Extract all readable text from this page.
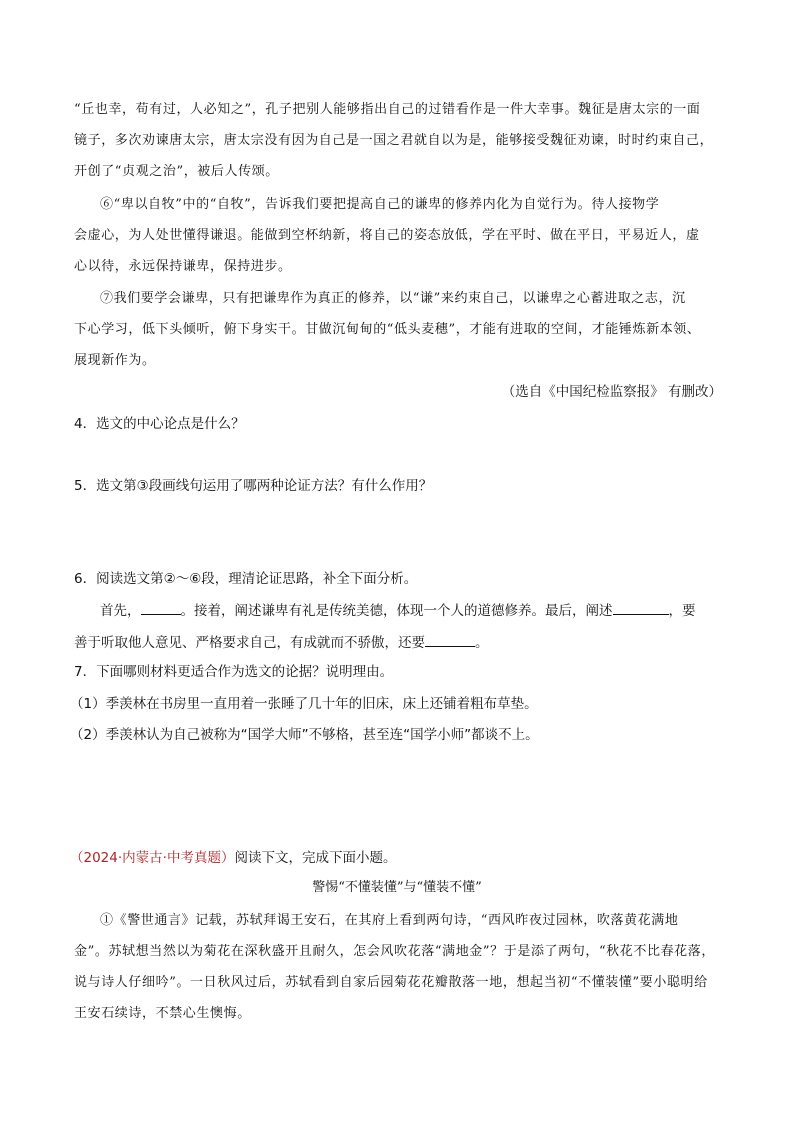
“丘也幸，苟有过，人必知之”，孔子把别人能够指出自己的过错看作是一件大幸事。魏征是唐太宗的一面

镜子，多次劝谏唐太宗，唐太宗没有因为自己是一国之君就自以为是，能够接受魏征劝谏，时时约束自己，

开创了“贞观之治”，被后人传颂。

⑥“卑以自牧”中的“自牧”，告诉我们要把提高自己的谦卑的修养内化为自觉行为。待人接物学

会虚心，为人处世懂得谦退。能做到空杯纳新，将自己的姿态放低，学在平时、做在平日，平易近人，虚

心以待，永远保持谦卑，保持进步。

⑦我们要学会谦卑，只有把谦卑作为真正的修养，以“谦”来约束自己，以谦卑之心蓄进取之志，沉

下心学习，低下头倾听，俯下身实干。甘做沉甸甸的“低头麦穗”，才能有进取的空间，才能锤炼新本领、

展现新作为。

（选自《中国纪检监察报》 有删改）

4．选文的中心论点是什么？

5．选文第③段画线句运用了哪两种论证方法？有什么作用？

6．阅读选文第②～⑥段，理清论证思路，补全下面分析。

首先，	。接着，阐述谦卑有礼是传统美德，体现一个人的道德修养。最后，阐述	，要

善于听取他人意见、严格要求自己，有成就而不骄傲，还要	。

7．下面哪则材料更适合作为选文的论据？说明理由。

（1）季羡林在书房里一直用着一张睡了几十年的旧床，床上还铺着粗布草垫。

（2）季羡林认为自己被称为“国学大师”不够格，甚至连“国学小师”都谈不上。

（2024·内蒙古·中考真题）阅读下文，完成下面小题。

警惕“不懂装懂”与“懂装不懂”

①《警世通言》记载，苏轼拜谒王安石，在其府上看到两句诗，“西风昨夜过园林，吹落黄花满地

金”。苏轼想当然以为菊花在深秋盛开且耐久，怎会风吹花落“满地金”？于是添了两句，“秋花不比春花落，

说与诗人仔细吟”。一日秋风过后，苏轼看到自家后园菊花花瓣散落一地，想起当初“不懂装懂”要小聪明给

王安石续诗，不禁心生懊悔。
